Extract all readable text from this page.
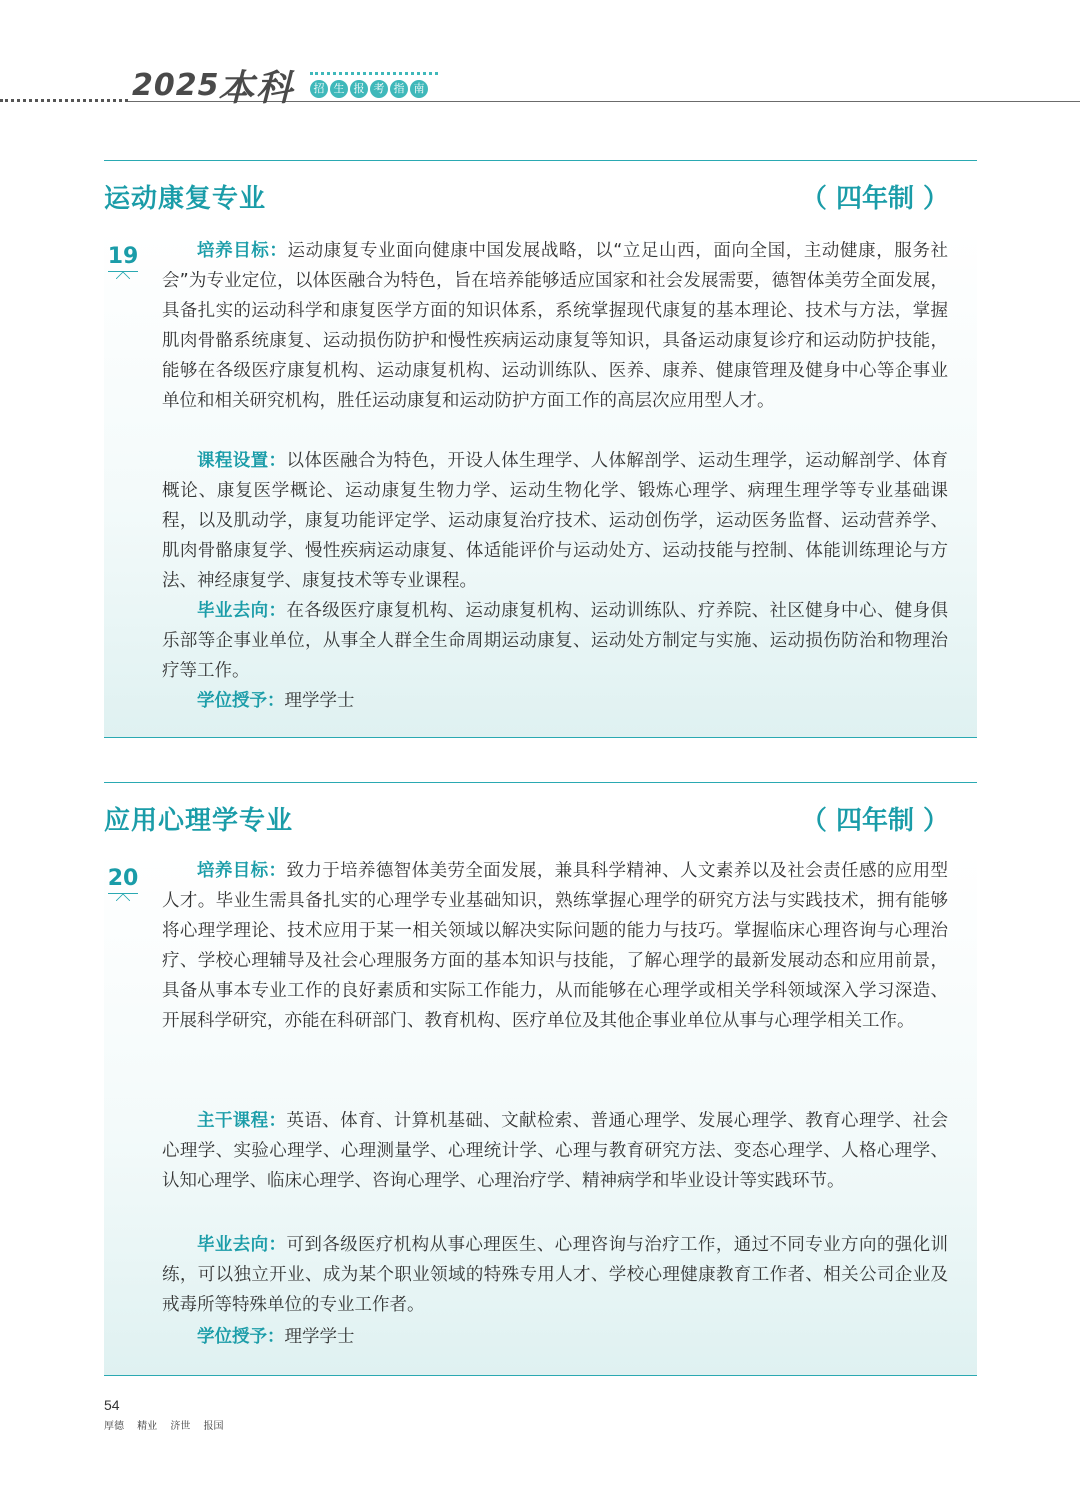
2025
本科	招 生 报 考 指 南
运动康复专业	（ 四年制 ）
19	培养目标：运动康复专业面向健康中国发展战略，以“立足山西，面向全国，主动健康，服务社会”为专业定位，以体医融合为特色，旨在培养能够适应国家和社会发展需要，德智体美劳全面发展，具备扎实的运动科学和康复医学方面的知识体系，系统掌握现代康复的基本理论、技术与方法，掌握肌肉骨骼系统康复、运动损伤防护和慢性疾病运动康复等知识，具备运动康复诊疗和运动防护技能，能够在各级医疗康复机构、运动康复机构、运动训练队、医养、康养、健康管理及健身中心等企事业单位和相关研究机构，胜任运动康复和运动防护方面工作的高层次应用型人才。

课程设置：以体医融合为特色，开设人体生理学、人体解剖学、运动生理学，运动解剖学、体育概论、康复医学概论、运动康复生物力学、运动生物化学、锻炼心理学、病理生理学等专业基础课程，以及肌动学，康复功能评定学、运动康复治疗技术、运动创伤学，运动医务监督、运动营养学、肌肉骨骼康复学、慢性疾病运动康复、体适能评价与运动处方、运动技能与控制、体能训练理论与方法、神经康复学、康复技术等专业课程。

毕业去向：在各级医疗康复机构、运动康复机构、运动训练队、疗养院、社区健身中心、健身俱乐部等企事业单位，从事全人群全生命周期运动康复、运动处方制定与实施、运动损伤防治和物理治疗等工作。

学位授予：理学学士

应用心理学专业	（ 四年制 ）
20	培养目标：致力于培养德智体美劳全面发展，兼具科学精神、人文素养以及社会责任感的应用型人才。毕业生需具备扎实的心理学专业基础知识，熟练掌握心理学的研究方法与实践技术，拥有能够将心理学理论、技术应用于某一相关领域以解决实际问题的能力与技巧。掌握临床心理咨询与心理治疗、学校心理辅导及社会心理服务方面的基本知识与技能，了解心理学的最新发展动态和应用前景，具备从事本专业工作的良好素质和实际工作能力，从而能够在心理学或相关学科领域深入学习深造、开展科学研究，亦能在科研部门、教育机构、医疗单位及其他企事业单位从事与心理学相关工作。

主干课程：英语、体育、计算机基础、文献检索、普通心理学、发展心理学、教育心理学、社会心理学、实验心理学、心理测量学、心理统计学、心理与教育研究方法、变态心理学、人格心理学、认知心理学、临床心理学、咨询心理学、心理治疗学、精神病学和毕业设计等实践环节。

毕业去向：可到各级医疗机构从事心理医生、心理咨询与治疗工作，通过不同专业方向的强化训练，可以独立开业、成为某个职业领域的特殊专用人才、学校心理健康教育工作者、相关公司企业及戒毒所等特殊单位的专业工作者。

学位授予：理学学士

54
厚德 精业 济世 报国
